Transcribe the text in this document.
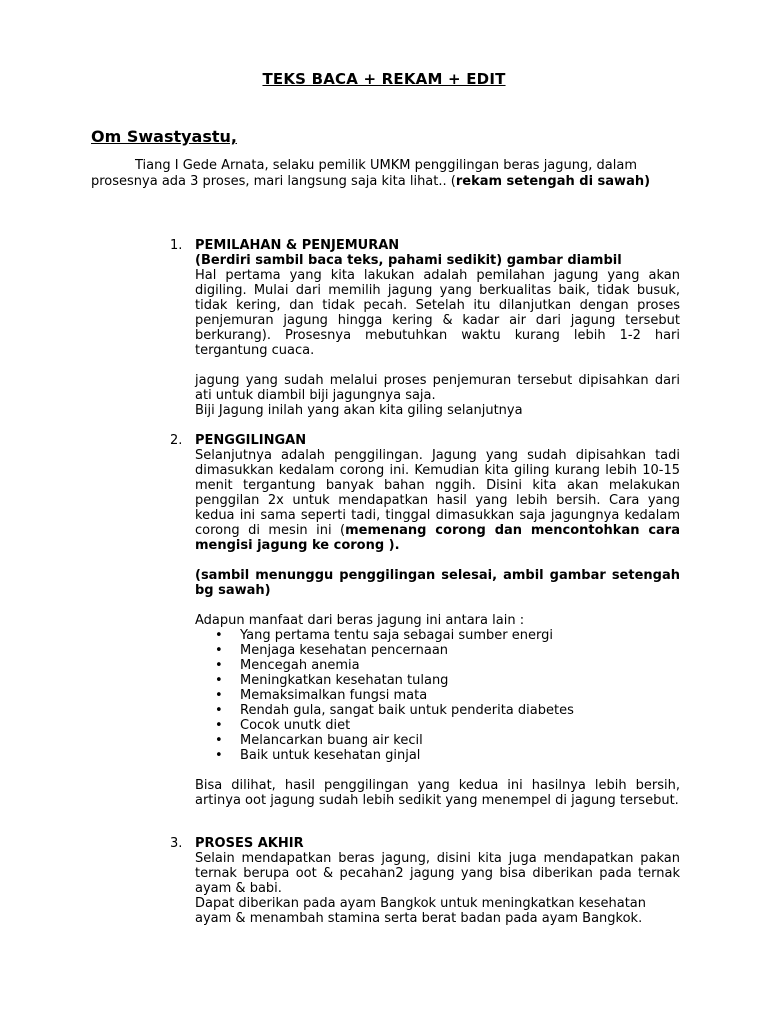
TEKS BACA + REKAM + EDIT
Om Swastyastu,
Tiang I Gede Arnata, selaku pemilik UMKM penggilingan beras jagung, dalam prosesnya ada 3 proses, mari langsung saja kita lihat.. (rekam setengah di sawah)
1. PEMILAHAN & PENJEMURAN

(Berdiri sambil baca teks, pahami sedikit) gambar diambil

Hal pertama yang kita lakukan adalah pemilahan jagung yang akan digiling. Mulai dari memilih jagung yang berkualitas baik, tidak busuk, tidak kering, dan tidak pecah. Setelah itu dilanjutkan dengan proses penjemuran jagung hingga kering & kadar air dari jagung tersebut berkurang). Prosesnya mebutuhkan waktu kurang lebih 1-2 hari tergantung cuaca.

jagung yang sudah melalui proses penjemuran tersebut dipisahkan dari ati untuk diambil biji jagungnya saja.

Biji Jagung inilah yang akan kita giling selanjutnya

2. PENGGILINGAN

Selanjutnya adalah penggilingan. Jagung yang sudah dipisahkan tadi dimasukkan kedalam corong ini. Kemudian kita giling kurang lebih 10-15 menit tergantung banyak bahan nggih. Disini kita akan melakukan penggilan 2x untuk mendapatkan hasil yang lebih bersih. Cara yang kedua ini sama seperti tadi, tinggal dimasukkan saja jagungnya kedalam corong di mesin ini (memenang corong dan mencontohkan cara mengisi jagung ke corong ).

(sambil menunggu penggilingan selesai, ambil gambar setengah bg sawah)

Adapun manfaat dari beras jagung ini antara lain :

• Yang pertama tentu saja sebagai sumber energi
• Menjaga kesehatan pencernaan
• Mencegah anemia
• Meningkatkan kesehatan tulang
• Memaksimalkan fungsi mata
• Rendah gula, sangat baik untuk penderita diabetes
• Cocok unutk diet
• Melancarkan buang air kecil
• Baik untuk kesehatan ginjal

Bisa dilihat, hasil penggilingan yang kedua ini hasilnya lebih bersih, artinya oot jagung sudah lebih sedikit yang menempel di jagung tersebut.

3. PROSES AKHIR

Selain mendapatkan beras jagung, disini kita juga mendapatkan pakan ternak berupa oot & pecahan2 jagung yang bisa diberikan pada ternak ayam & babi.

Dapat diberikan pada ayam Bangkok untuk meningkatkan kesehatan ayam & menambah stamina serta berat badan pada ayam Bangkok.
